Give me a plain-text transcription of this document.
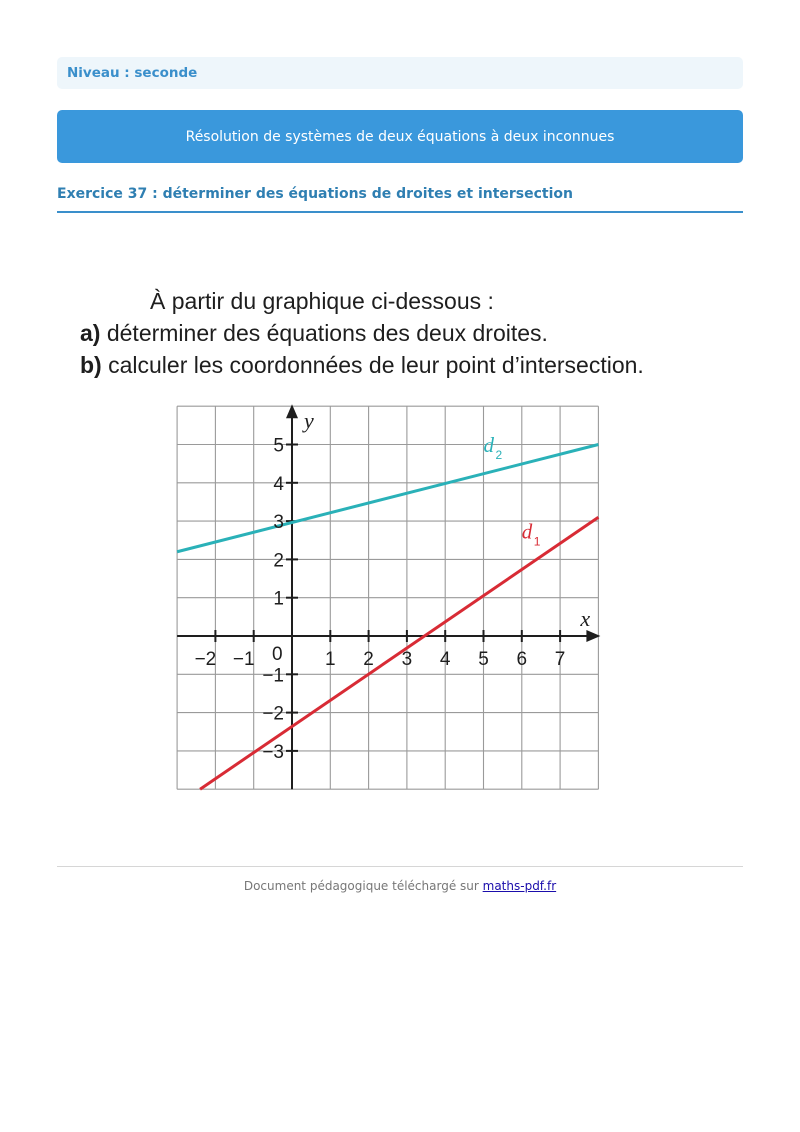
Niveau : seconde
Résolution de systèmes de deux équations à deux inconnues
Exercice 37 : déterminer des équations de droites et intersection
À partir du graphique ci-dessous :
a) déterminer des équations des deux droites.
b) calculer les coordonnées de leur point d’intersection.
−2 −1	1 2 3 4 5 6 7
−3
−2
−1
1
2
3
4
5
0
x
y
d 1
d 2
Document pédagogique téléchargé sur maths-pdf.fr
